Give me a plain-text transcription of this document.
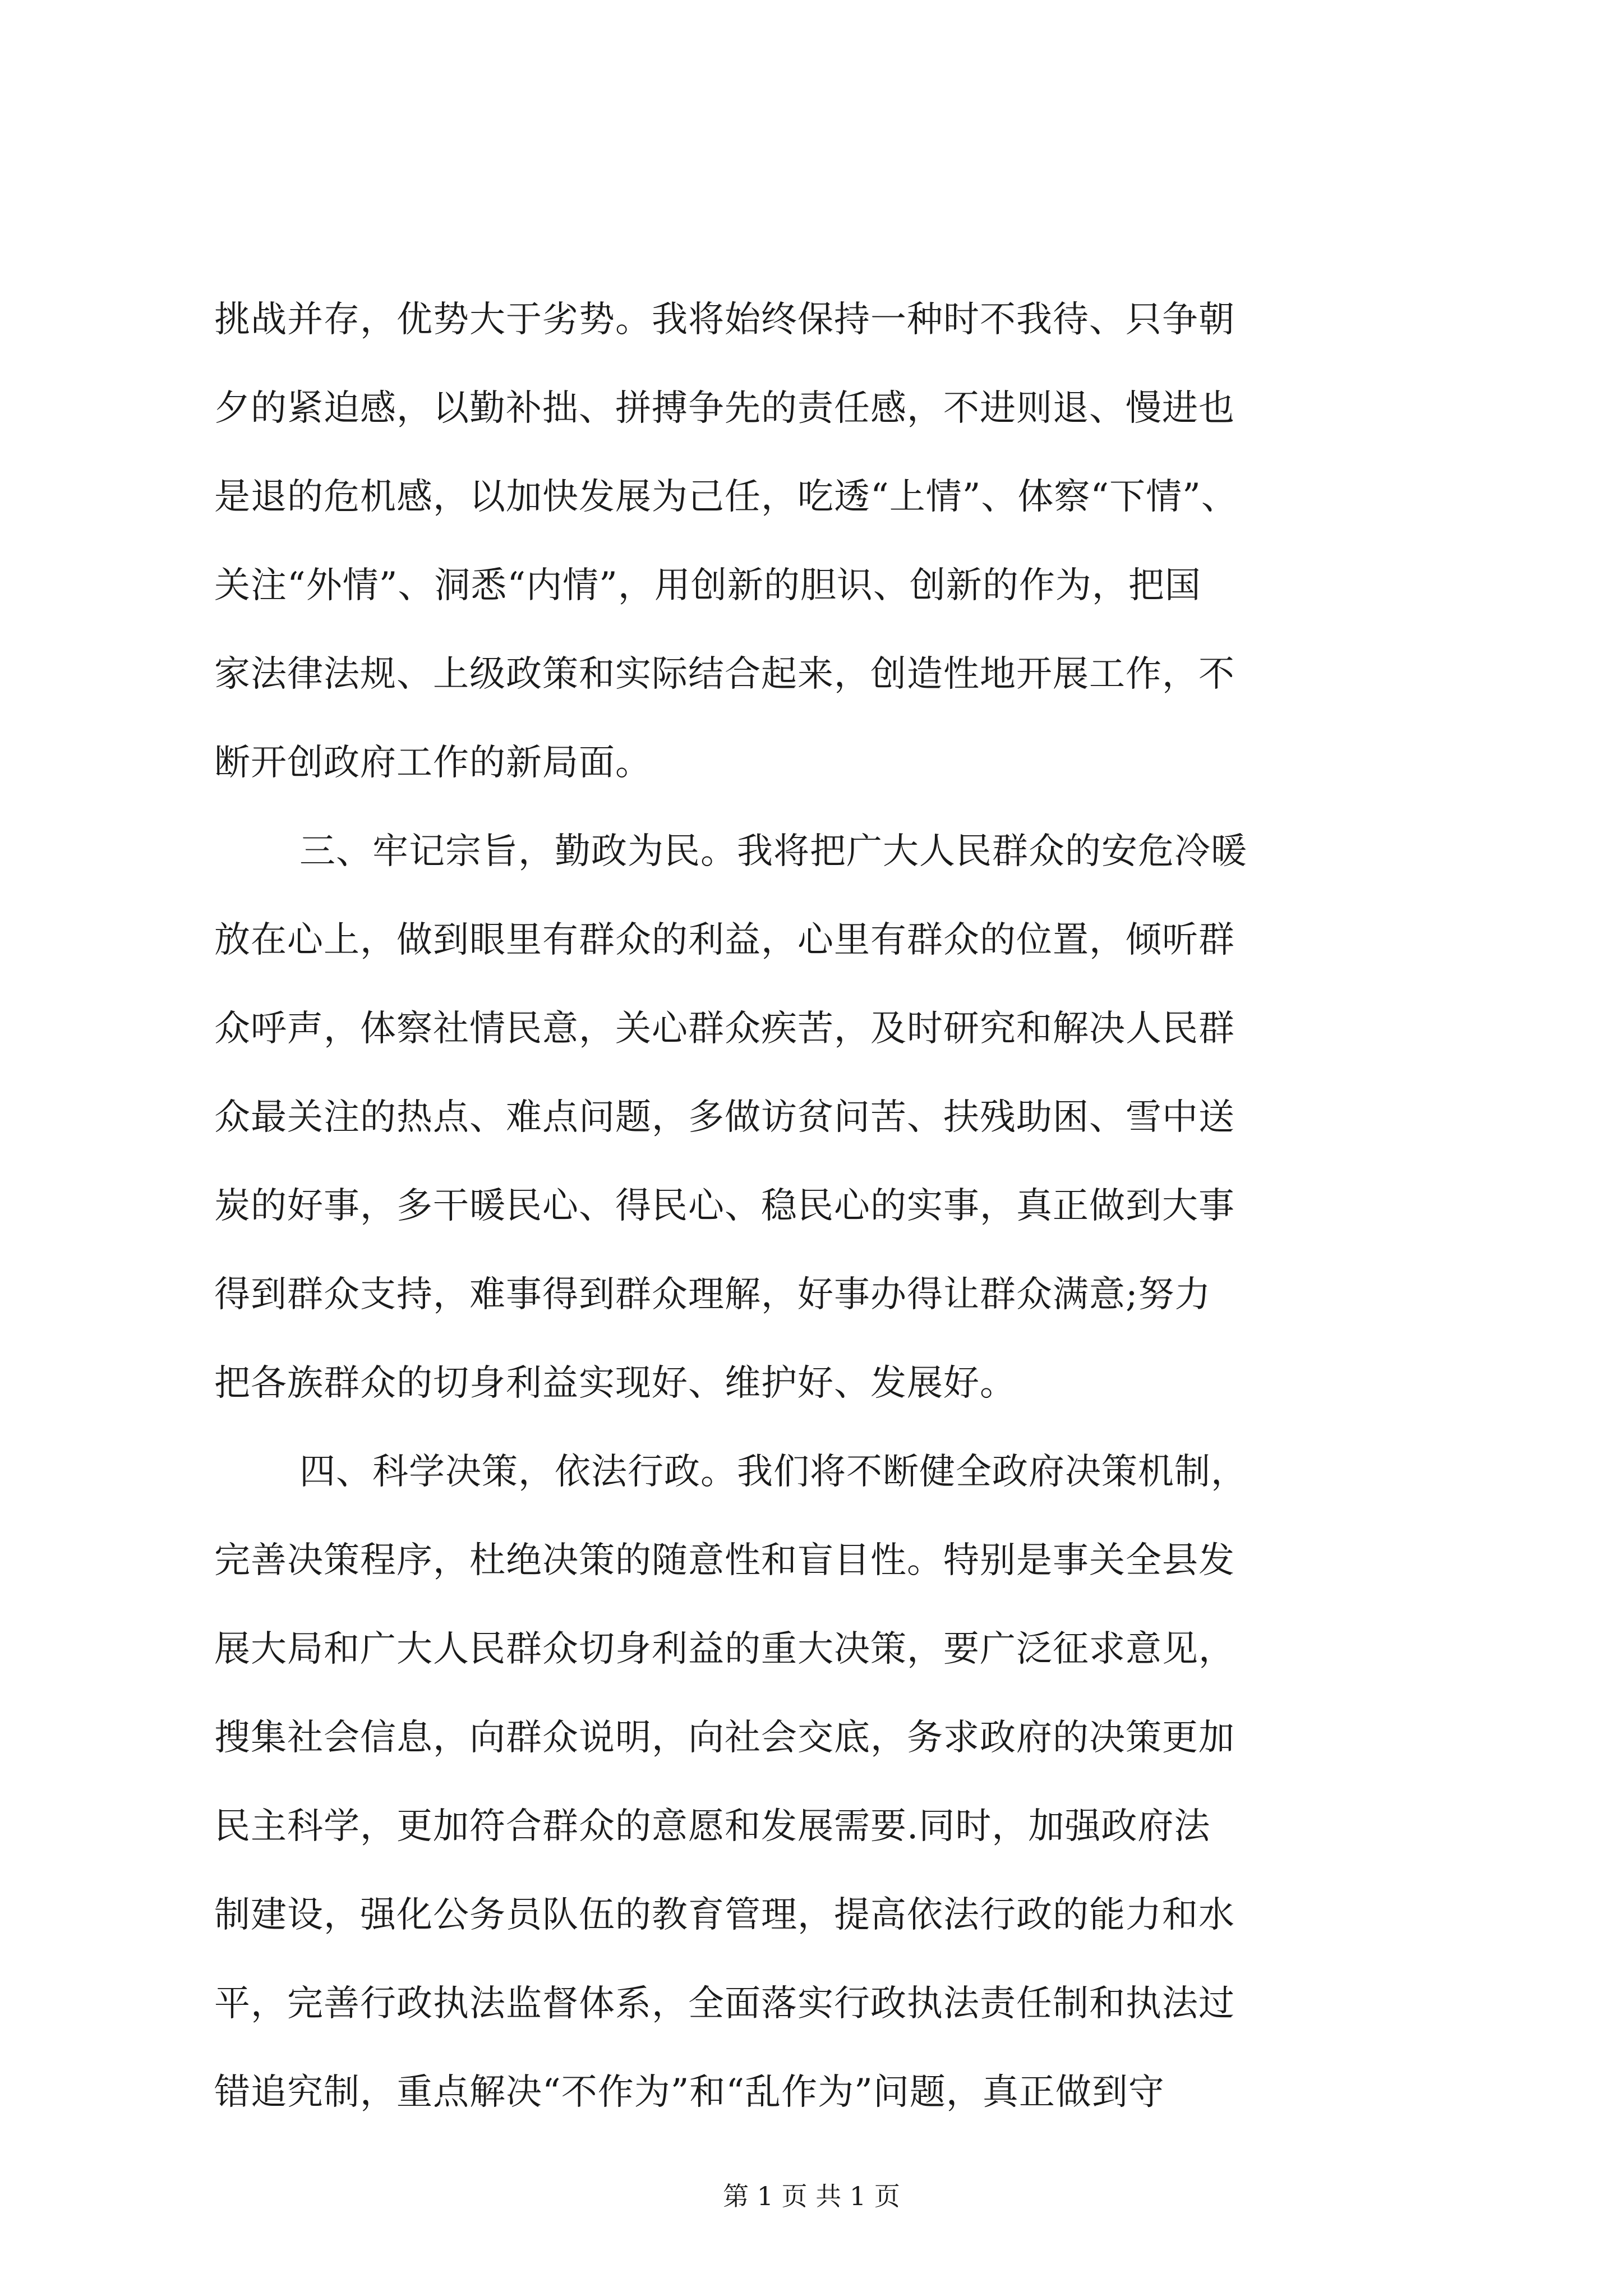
挑战并存，优势大于劣势。我将始终保持一种时不我待、只争朝
夕的紧迫感，以勤补拙、拼搏争先的责任感，不进则退、慢进也
是退的危机感，以加快发展为己任，吃透“上情”、体察“下情”、
关注“外情”、洞悉“内情”，用创新的胆识、创新的作为，把国
家法律法规、上级政策和实际结合起来，创造性地开展工作，不
断开创政府工作的新局面。
三、牢记宗旨，勤政为民。我将把广大人民群众的安危冷暖
放在心上，做到眼里有群众的利益，心里有群众的位置，倾听群
众呼声，体察社情民意，关心群众疾苦，及时研究和解决人民群
众最关注的热点、难点问题，多做访贫问苦、扶残助困、雪中送
炭的好事，多干暖民心、得民心、稳民心的实事，真正做到大事
得到群众支持，难事得到群众理解，好事办得让群众满意;努力
把各族群众的切身利益实现好、维护好、发展好。
四、科学决策，依法行政。我们将不断健全政府决策机制，
完善决策程序，杜绝决策的随意性和盲目性。特别是事关全县发
展大局和广大人民群众切身利益的重大决策，要广泛征求意见，
搜集社会信息，向群众说明，向社会交底，务求政府的决策更加
民主科学，更加符合群众的意愿和发展需要.同时，加强政府法
制建设，强化公务员队伍的教育管理，提高依法行政的能力和水
平，完善行政执法监督体系，全面落实行政执法责任制和执法过
错追究制，重点解决“不作为”和“乱作为”问题，真正做到守
第 1 页 共 1 页
